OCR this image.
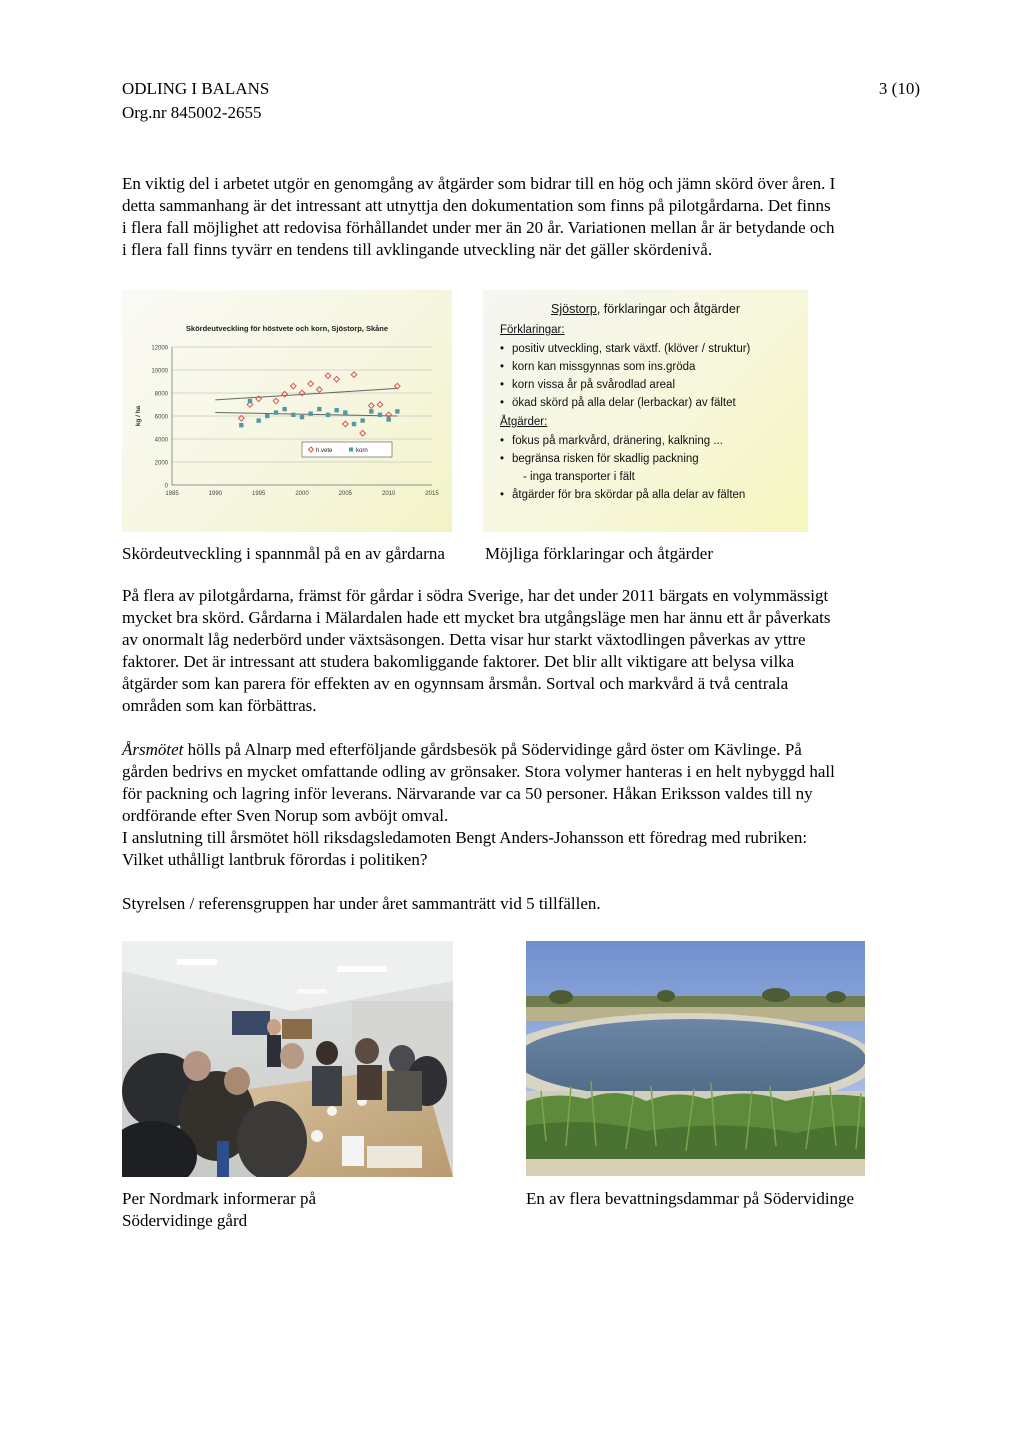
ODLING I BALANS
Org.nr 845002-2655
3 (10)

En viktig del i arbetet utgör en genomgång av åtgärder som bidrar till en hög och jämn skörd över åren. I

detta sammanhang är det intressant att utnyttja den dokumentation som finns på pilotgårdarna. Det finns

i flera fall möjlighet att redovisa förhållandet under mer än 20 år. Variationen mellan år är betydande och

i flera fall finns tyvärr en tendens till avklingande utveckling när det gäller skördenivå.

Skördeutveckling för höstvete och korn, Sjöstorp, Skåne
0
2000
4000
6000
8000
10000
12000
1985	1990	1995	2000	2005	2010	2015
kg / ha
h.vete	korn
Sjöstorp, förklaringar och åtgärder
Förklaringar:
• positiv utveckling, stark växtf. (klöver / struktur)
• korn kan missgynnas som ins.gröda
• korn vissa år på svårodlad areal
• ökad skörd på alla delar (lerbackar) av fältet
Åtgärder:
• fokus på markvård, dränering, kalkning ...
• begränsa risken för skadlig packning
- inga transporter i fält
• åtgärder för bra skördar på alla delar av fälten
Skördeutveckling i spannmål på en av gårdarna Möjliga förklaringar och åtgärder

På flera av pilotgårdarna, främst för gårdar i södra Sverige, har det under 2011 bärgats en volymmässigt

mycket bra skörd. Gårdarna i Mälardalen hade ett mycket bra utgångsläge men har ännu ett år påverkats

av onormalt låg nederbörd under växtsäsongen. Detta visar hur starkt växtodlingen påverkas av yttre

faktorer. Det är intressant att studera bakomliggande faktorer. Det blir allt viktigare att belysa vilka

åtgärder som kan parera för effekten av en ogynnsam årsmån. Sortval och markvård ä två centrala

områden som kan förbättras.

Årsmötet hölls på Alnarp med efterföljande gårdsbesök på Södervidinge gård öster om Kävlinge. På

gården bedrivs en mycket omfattande odling av grönsaker. Stora volymer hanteras i en helt nybyggd hall

för packning och lagring inför leverans. Närvarande var ca 50 personer. Håkan Eriksson valdes till ny

ordförande efter Sven Norup som avböjt omval.

I anslutning till årsmötet höll riksdagsledamoten Bengt Anders-Johansson ett föredrag med rubriken:

Vilket uthålligt lantbruk förordas i politiken?

Styrelsen / referensgruppen har under året sammanträtt vid 5 tillfällen.
Per Nordmark informerar på
Södervidinge gård
En av flera bevattningsdammar på Södervidinge
